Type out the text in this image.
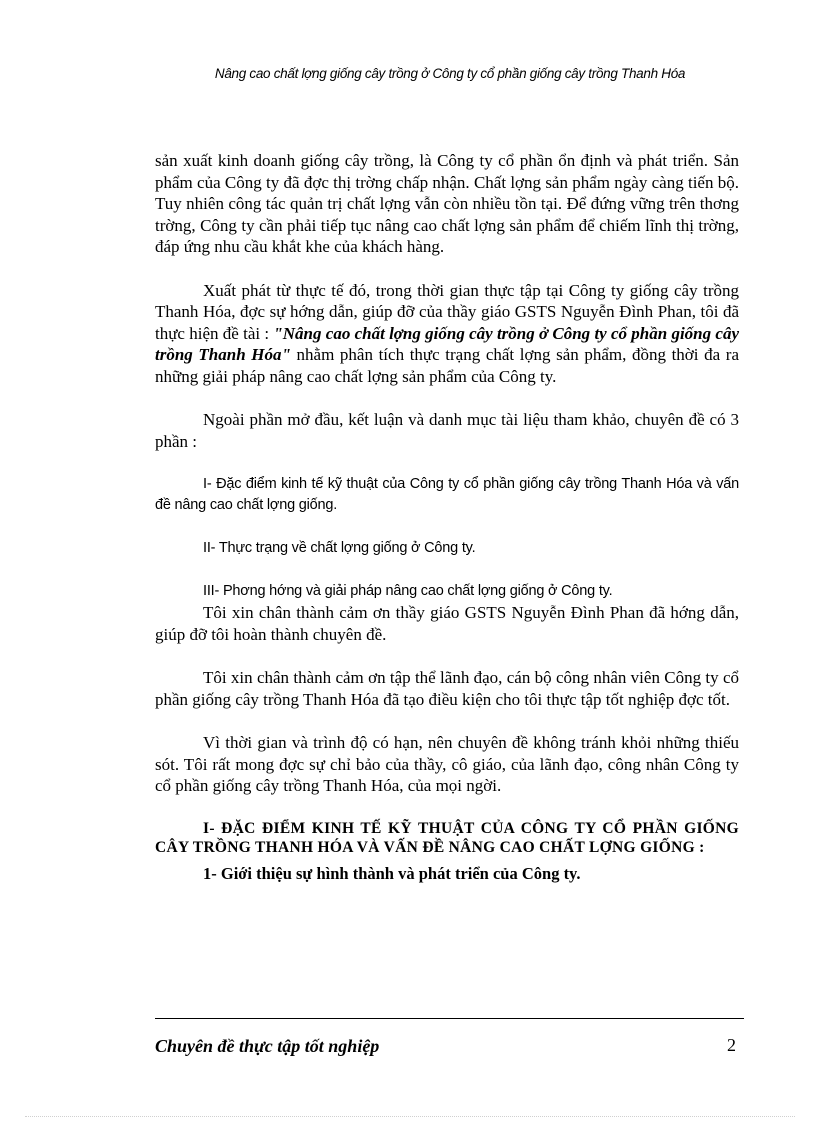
Nâng cao chất lợng giống cây trồng ở Công ty cổ phần giống cây trồng Thanh Hóa

sản xuất kinh doanh giống cây trồng, là Công ty cổ phần ổn định và phát triển. Sản phẩm của Công ty đã đợc thị trờng chấp nhận. Chất lợng sản phẩm ngày càng tiến bộ. Tuy nhiên công tác quản trị chất lợng vẫn còn nhiều tồn tại. Để đứng vững trên thơng trờng, Công ty cần phải tiếp tục nâng cao chất lợng sản phẩm để chiếm lĩnh thị trờng, đáp ứng nhu cầu khắt khe của khách hàng.

Xuất phát từ thực tế đó, trong thời gian thực tập tại Công ty giống cây trồng Thanh Hóa, đợc sự hớng dẫn, giúp đỡ của thầy giáo GSTS Nguyễn Đình Phan, tôi đã thực hiện đề tài : "Nâng cao chất lợng giống cây trồng ở Công ty cổ phần giống cây trồng Thanh Hóa" nhằm phân tích thực trạng chất lợng sản phẩm, đồng thời đa ra những giải pháp nâng cao chất lợng sản phẩm của Công ty.

Ngoài phần mở đầu, kết luận và danh mục tài liệu tham khảo, chuyên đề có 3 phần :

I- Đặc điểm kinh tế kỹ thuật của Công ty cổ phần giống cây trồng Thanh Hóa và vấn đề nâng cao chất lợng giống.

II- Thực trạng về chất lợng giống ở Công ty.

III- Phơng hớng và giải pháp nâng cao chất lợng giống ở Công ty.

Tôi xin chân thành cảm ơn thầy giáo GSTS Nguyễn Đình Phan đã hớng dẫn, giúp đỡ tôi hoàn thành chuyên đề.

Tôi xin chân thành cảm ơn tập thể lãnh đạo, cán bộ công nhân viên Công ty cổ phần giống cây trồng Thanh Hóa đã tạo điều kiện cho tôi thực tập tốt nghiệp đợc tốt.

Vì thời gian và trình độ có hạn, nên chuyên đề không tránh khỏi những thiếu sót. Tôi rất mong đợc sự chỉ bảo của thầy, cô giáo, của lãnh đạo, công nhân Công ty cổ phần giống cây trồng Thanh Hóa, của mọi ngời.

I- ĐẶC ĐIỂM KINH TẾ KỸ THUẬT CỦA CÔNG TY CỔ PHẦN GIỐNG CÂY TRỒNG THANH HÓA VÀ VẤN ĐỀ NÂNG CAO CHẤT LỢNG GIỐNG :

1- Giới thiệu sự hình thành và phát triển của Công ty.

Chuyên đề thực tập tốt nghiệp	2
